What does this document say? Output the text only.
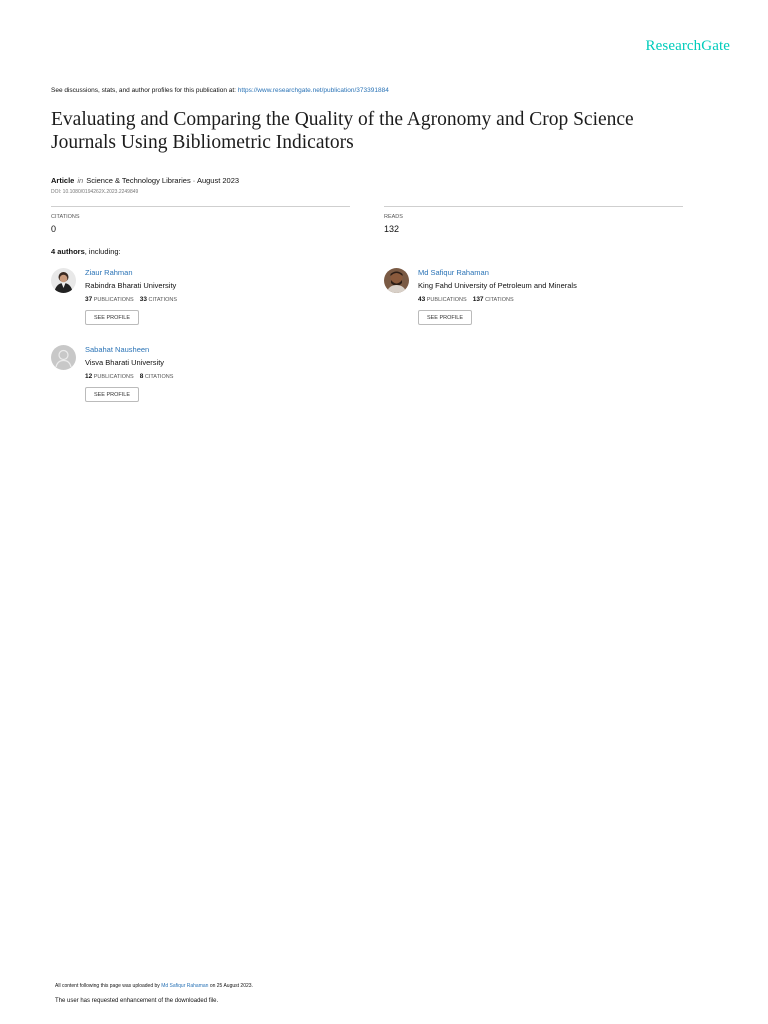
ResearchGate
See discussions, stats, and author profiles for this publication at: https://www.researchgate.net/publication/373391884
Evaluating and Comparing the Quality of the Agronomy and Crop Science
Journals Using Bibliometric Indicators
Article in Science & Technology Libraries · August 2023
DOI: 10.1080/0194262X.2023.2249849
CITATIONS
0
READS
132
4 authors, including:
Ziaur Rahman
Rabindra Bharati University
37 PUBLICATIONS 33 CITATIONS
SEE PROFILE
Md Safiqur Rahaman
King Fahd University of Petroleum and Minerals
43 PUBLICATIONS 137 CITATIONS
SEE PROFILE
Sabahat Nausheen
Visva Bharati University
12 PUBLICATIONS 8 CITATIONS
SEE PROFILE
All content following this page was uploaded by Md Safiqur Rahaman on 25 August 2023.
The user has requested enhancement of the downloaded file.
